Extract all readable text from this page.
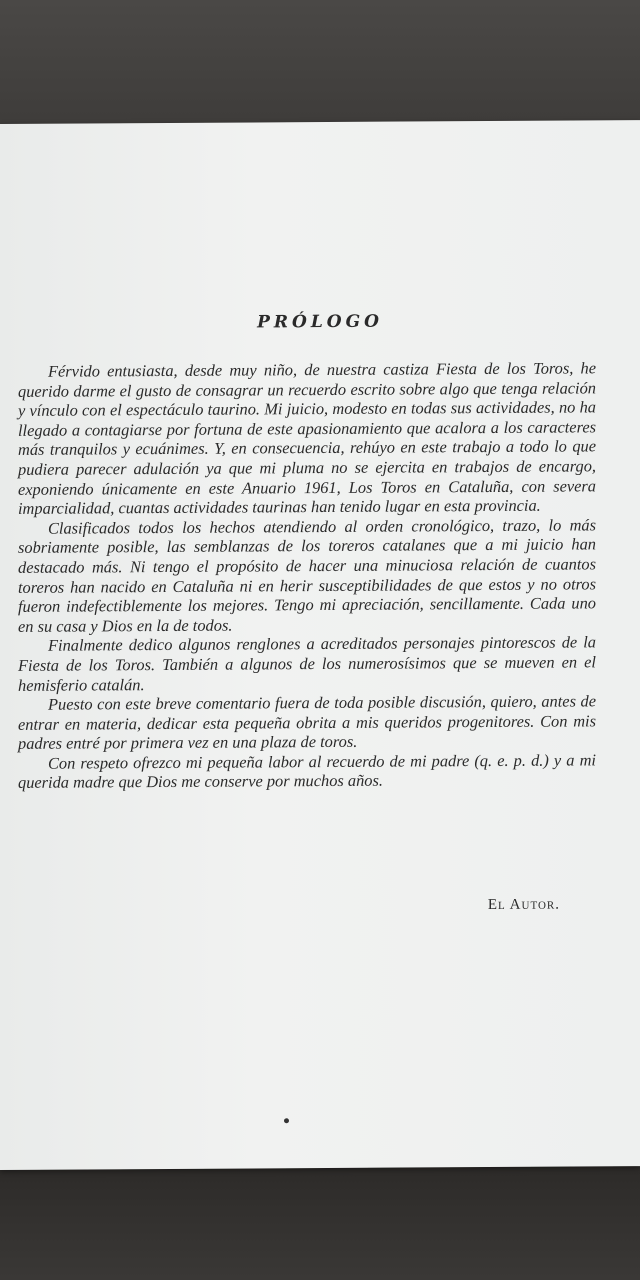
PRÓLOGO

Férvido entusiasta, desde muy niño, de nuestra castiza Fiesta de los Toros, he querido darme el gusto de consagrar un recuerdo escrito sobre algo que tenga relación y vínculo con el espectáculo taurino. Mi juicio, modesto en todas sus actividades, no ha llegado a contagiarse por fortuna de este apasionamiento que acalora a los caracteres más tranquilos y ecuánimes. Y, en consecuencia, rehúyo en este trabajo a todo lo que pudiera parecer adulación ya que mi pluma no se ejercita en trabajos de encargo, exponiendo únicamente en este Anuario 1961, Los Toros en Cataluña, con severa imparcialidad, cuantas actividades taurinas han tenido lugar en esta provincia.

Clasificados todos los hechos atendiendo al orden cronológico, trazo, lo más sobriamente posible, las semblanzas de los toreros catalanes que a mi juicio han destacado más. Ni tengo el propósito de hacer una minuciosa relación de cuantos toreros han nacido en Cataluña ni en herir susceptibilidades de que estos y no otros fueron indefectiblemente los mejores. Tengo mi apreciación, sencillamente. Cada uno en su casa y Dios en la de todos.

Finalmente dedico algunos renglones a acreditados personajes pintorescos de la Fiesta de los Toros. También a algunos de los numerosísimos que se mueven en el hemisferio catalán.

Puesto con este breve comentario fuera de toda posible discusión, quiero, antes de entrar en materia, dedicar esta pequeña obrita a mis queridos progenitores. Con mis padres entré por primera vez en una plaza de toros.

Con respeto ofrezco mi pequeña labor al recuerdo de mi padre (q. e. p. d.) y a mi querida madre que Dios me conserve por muchos años.

El Autor.
